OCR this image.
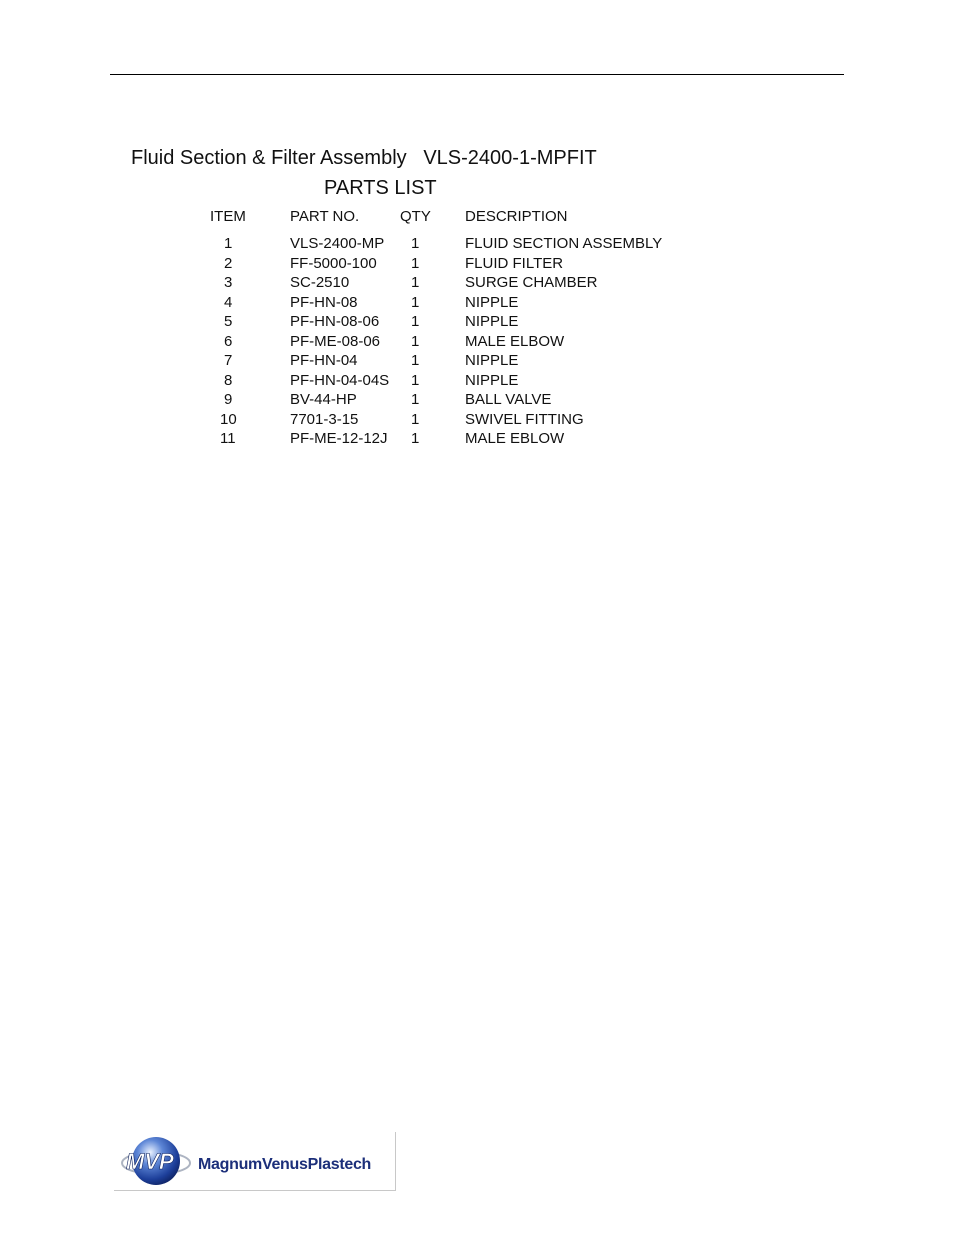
Fluid Section & Filter Assembly   VLS-2400-1-MPFIT
PARTS LIST
ITEM	PART NO.	QTY DESCRIPTION
1	VLS-2400-MP 1	FLUID SECTION ASSEMBLY
2	FF-5000-100 1	FLUID FILTER
3	SC-2510	1	SURGE CHAMBER
4	PF-HN-08	1	NIPPLE
5	PF-HN-08-06 1	NIPPLE
6	PF-ME-08-06 1	MALE ELBOW
7	PF-HN-04	1	NIPPLE
8	PF-HN-04-04S 1	NIPPLE
9	BV-44-HP	1	BALL VALVE
10	7701-3-15	1	SWIVEL FITTING
11	PF-ME-12-12J 1	MALE EBLOW
MVP MagnumVenusPlastech
